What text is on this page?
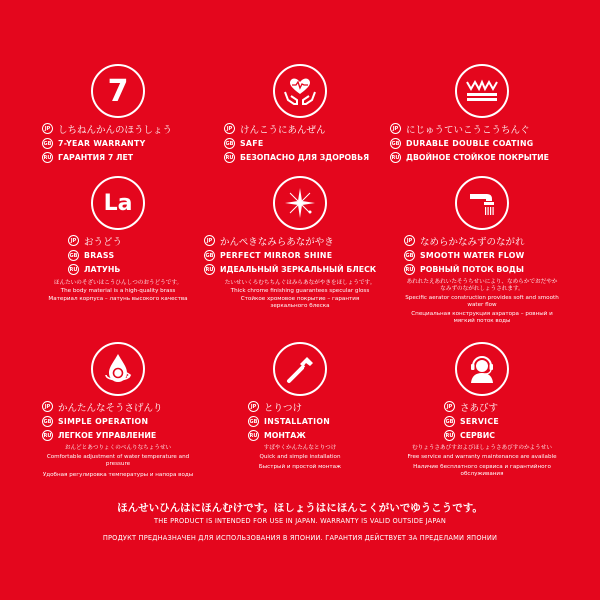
7
JP しちねんかんのほうしょう
GB 7-YEAR WARRANTY
RU ГАРАНТИЯ 7 ЛЕТ
JP けんこうにあんぜん
GB SAFE
RU БЕЗОПАСНО ДЛЯ ЗДОРОВЬЯ
JP にじゅうていこうこうちんぐ
GB DURABLE DOUBLE COATING
RU ДВОЙНОЕ СТОЙКОЕ ПОКРЫТИЕ
La
JP おうどう
GB BRASS
RU ЛАТУНЬ
ほんたいのそざいはこうひんしつのおうどうです。
The body material is a high-quality brass
Материал корпуса – латунь высокого качества
JP かんぺきなみらあながやき
GB PERFECT MIRROR SHINE
RU ИДЕАЛЬНЫЙ ЗЕРКАЛЬНЫЙ БЛЕСК
たいせいくろむちちんぐはみらあながやきをほしょうです。
Thick chrome finishing guarantees specular gloss
Стойкое хромовое покрытие – гарантия зеркального блеска
JP なめらかなみずのながれ
GB SMOOTH WATER FLOW
RU РОВНЫЙ ПОТОК ВОДЫ
あれれたえあれいたそうちせいにより、なめらかでおだやかなみずのながれしょうされます。
Specific aerator construction provides soft and smooth water flow
Специальная конструкция аэратора – ровный и мягкий поток воды
JP かんたんなそうさげんり
GB SIMPLE OPERATION
RU ЛЕГКОЕ УПРАВЛЕНИЕ
おんどとあつりょくのべんりなちょうせい
Comfortable adjustment of water temperature and pressure
Удобная регулировка температуры и напора воды
JP とりつけ
GB INSTALLATION
RU МОНТАЖ
すばやくかんたんなとりつけ
Quick and simple installation
Быстрый и простой монтаж
JP さあびす
GB SERVICE
RU СЕРВИС
むりょうさあびすおよびほしょうさあびすのかようせい
Free service and warranty maintenance are available
Наличие бесплатного сервиса и гарантийного обслуживания
ほんせいひんはにほんむけです。ほしょうはにほんこくがいでゆうこうです。
THE PRODUCT IS INTENDED FOR USE IN JAPAN. WARRANTY IS VALID OUTSIDE JAPAN
ПРОДУКТ ПРЕДНАЗНАЧЕН ДЛЯ ИСПОЛЬЗОВАНИЯ В ЯПОНИИ. ГАРАНТИЯ ДЕЙСТВУЕТ ЗА ПРЕДЕЛАМИ ЯПОНИИ
